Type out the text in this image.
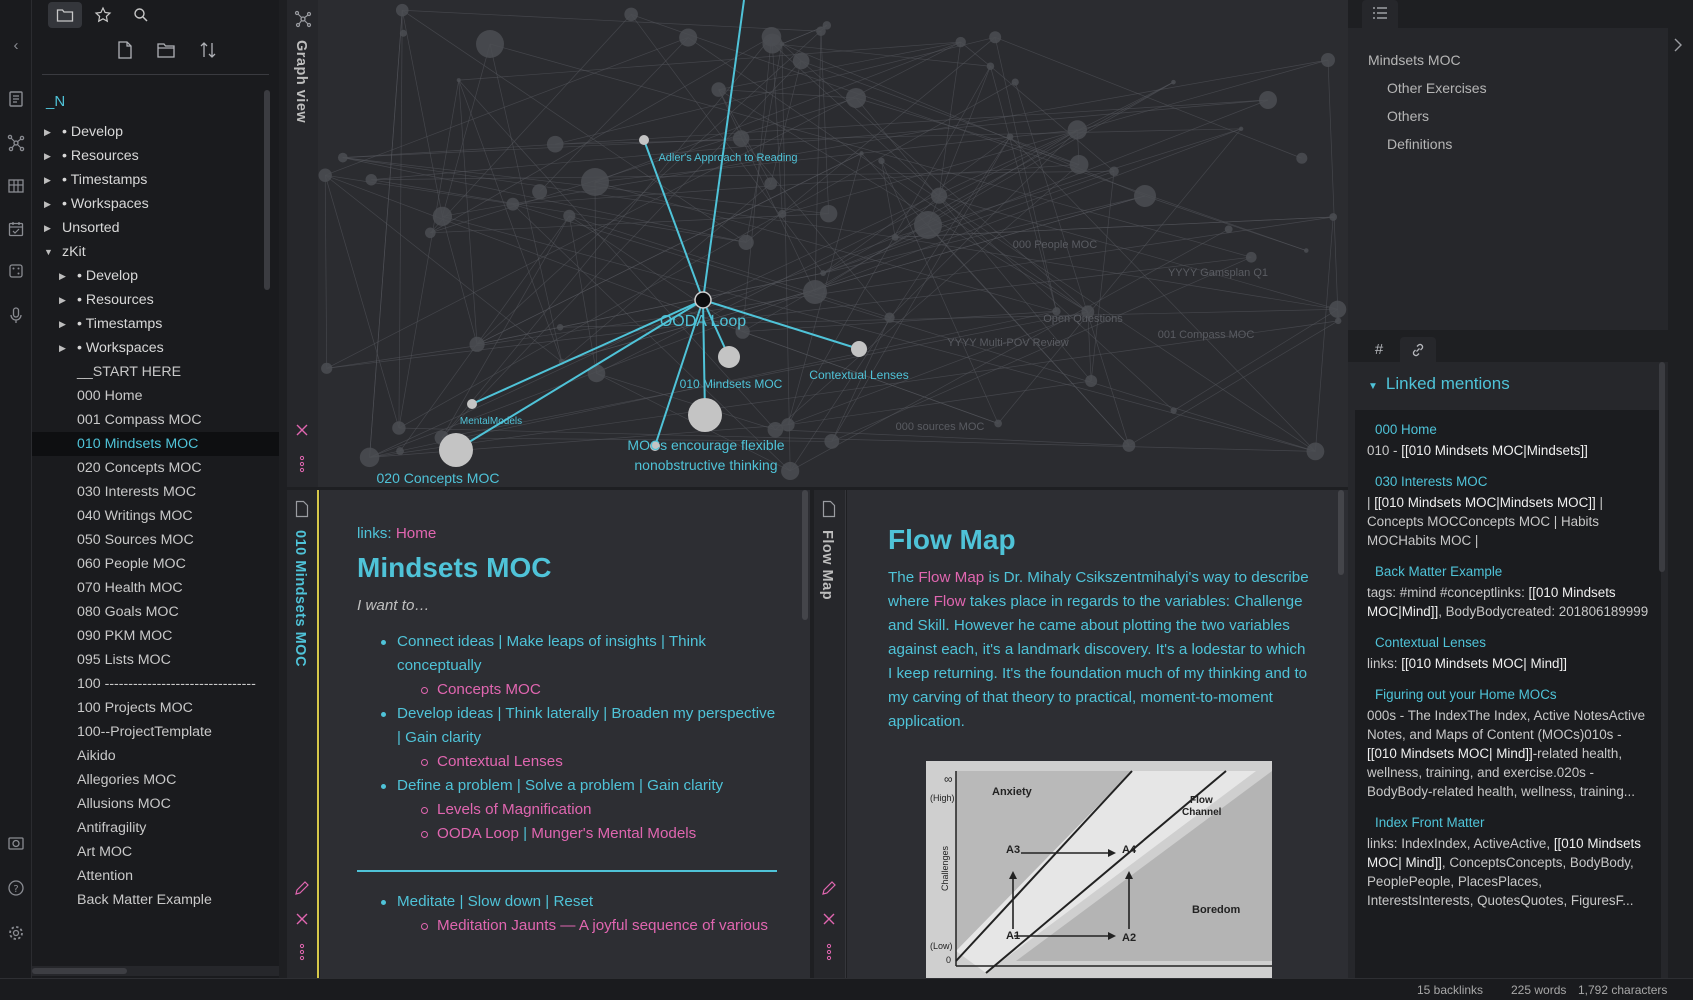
‹
?
_N
▶ • Develop
▶ • Resources
▶ • Timestamps
▶ • Workspaces
▶ Unsorted
▼ zKit
▶ • Develop
▶ • Resources
▶ • Timestamps
▶ • Workspaces
__START HERE
000 Home
001 Compass MOC
010 Mindsets MOC
020 Concepts MOC
030 Interests MOC
040 Writings MOC
050 Sources MOC
060 People MOC
070 Health MOC
080 Goals MOC
090 PKM MOC
095 Lists MOC
100 --------------------------------
100 Projects MOC
100--ProjectTemplate
Aikido
Allegories MOC
Allusions MOC
Antifragility
Art MOC
Attention
Back Matter Example
Graph view
OODA Loop
Adler's Approach to Reading
010 Mindsets MOC
Contextual Lenses
MentalModels
MOCs encourage flexible
nonobstructive thinking
020 Concepts MOC
Open Questions
001 Compass MOC
YYYY Multi-POV Review
000 People MOC
YYYY Gamsplan Q1
000 sources MOC
010 Mindsets MOC	links: Home
Mindsets MOC
I want to…
Connect ideas | Make leaps of insights | Think conceptually
Concepts MOC
Develop ideas | Think laterally | Broaden my perspective | Gain clarity
Contextual Lenses
Define a problem | Solve a problem | Gain clarity
Levels of Magnification
OODA Loop | Munger's Mental Models
Meditate | Slow down | Reset
Meditation Jaunts — A joyful sequence of various
Flow Map Flow Map

The Flow Map is Dr. Mihaly Csikszentmihalyi's way to describe where Flow takes place in regards to the variables: Challenge and Skill. However he came about plotting the two variables against each, it's a landmark discovery. It's a lodestar to which I keep returning. It's the foundation much of my thinking and to my carving of that theory to practical, moment-to-moment application.

∞
(High)
(Low)
0
Challenges
Anxiety
Flow
Channel
Boredom
A3	A4
A1	A2
Mindsets MOC
Other Exercises
Others
Definitions
#
▼ Linked mentions
000 Home
010 - [[010 Mindsets MOC|Mindsets]]
030 Interests MOC
| [[010 Mindsets MOC|Mindsets MOC]] | Concepts MOCConcepts MOC | Habits MOCHabits MOC |
Back Matter Example
tags: #mind #conceptlinks: [[010 Mindsets MOC|Mind]], BodyBodycreated: 201806189999
Contextual Lenses
links: [[010 Mindsets MOC| Mind]]
Figuring out your Home MOCs
000s - The IndexThe Index, Active NotesActive Notes, and Maps of Content (MOCs)010s - [[010 Mindsets MOC| Mind]]-related health, wellness, training, and exercise.020s - BodyBody-related health, wellness, training...
Index Front Matter
links: IndexIndex, ActiveActive, [[010 Mindsets MOC| Mind]], ConceptsConcepts, BodyBody, PeoplePeople, PlacesPlaces, InterestsInterests, QuotesQuotes, FiguresF...
15 backlinks 225 words 1,792 characters
